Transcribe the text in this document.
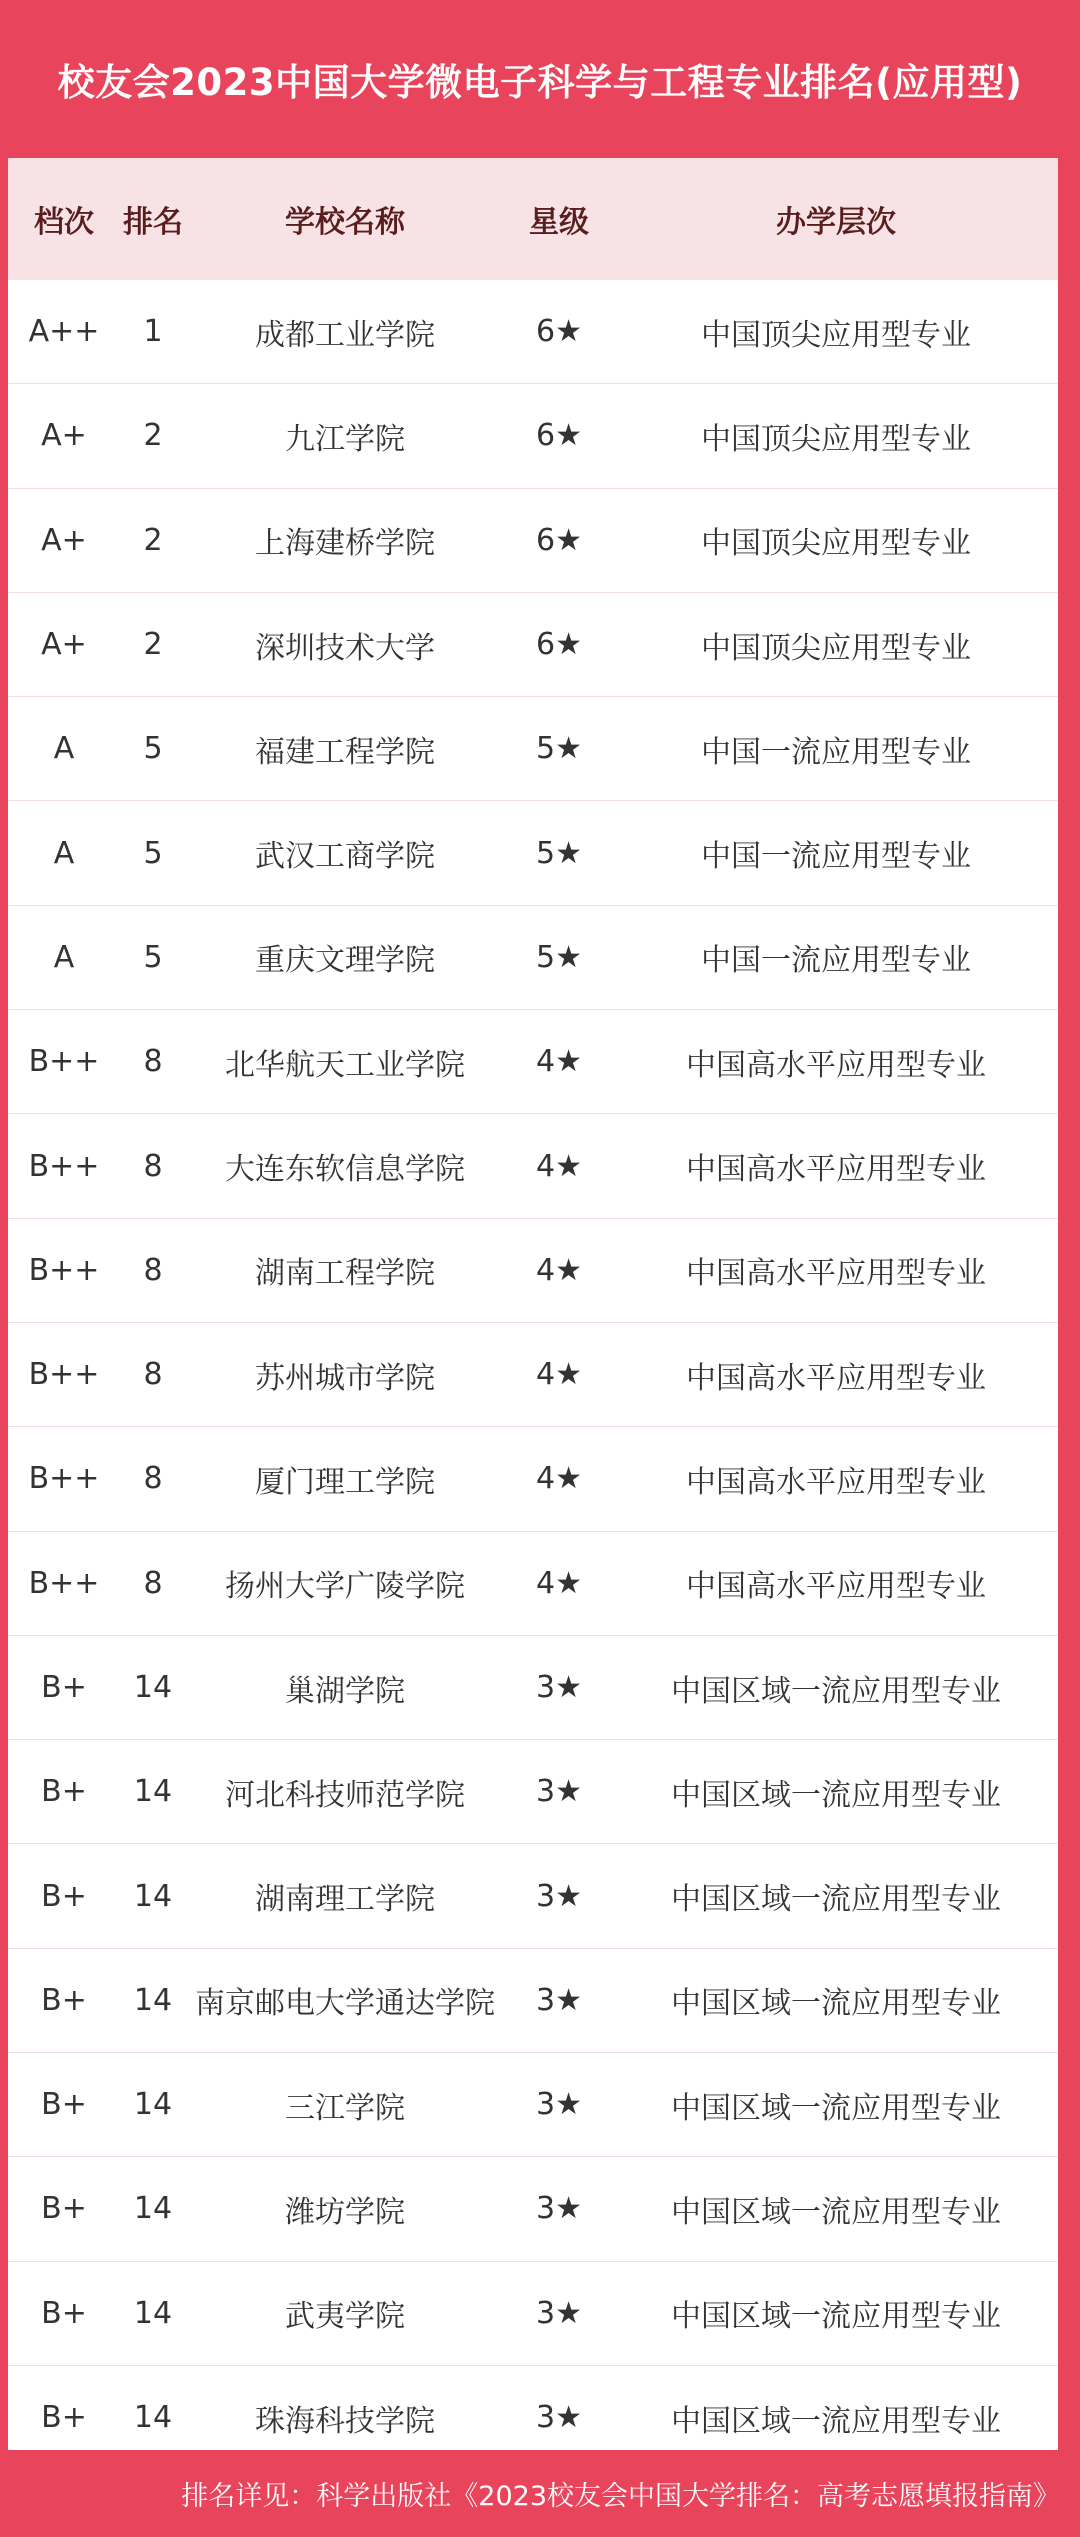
校友会2023中国大学微电子科学与工程专业排名(应用型)
档次 排名	学校名称	星级	办学层次
A++	1	成都工业学院	6★	中国顶尖应用型专业
A+	2	九江学院	6★	中国顶尖应用型专业
A+	2	上海建桥学院	6★	中国顶尖应用型专业
A+	2	深圳技术大学	6★	中国顶尖应用型专业
A	5	福建工程学院	5★	中国一流应用型专业
A	5	武汉工商学院	5★	中国一流应用型专业
A	5	重庆文理学院	5★	中国一流应用型专业
B++	8	北华航天工业学院	4★	中国高水平应用型专业
B++	8	大连东软信息学院	4★	中国高水平应用型专业
B++	8	湖南工程学院	4★	中国高水平应用型专业
B++	8	苏州城市学院	4★	中国高水平应用型专业
B++	8	厦门理工学院	4★	中国高水平应用型专业
B++	8	扬州大学广陵学院	4★	中国高水平应用型专业
B+	14	巢湖学院	3★	中国区域一流应用型专业
B+	14	河北科技师范学院	3★	中国区域一流应用型专业
B+	14	湖南理工学院	3★	中国区域一流应用型专业
B+	14 南京邮电大学通达学院	3★	中国区域一流应用型专业
B+	14	三江学院	3★	中国区域一流应用型专业
B+	14	潍坊学院	3★	中国区域一流应用型专业
B+	14	武夷学院	3★	中国区域一流应用型专业
B+	14	珠海科技学院	3★	中国区域一流应用型专业
排名详见：科学出版社《2023校友会中国大学排名：高考志愿填报指南》
